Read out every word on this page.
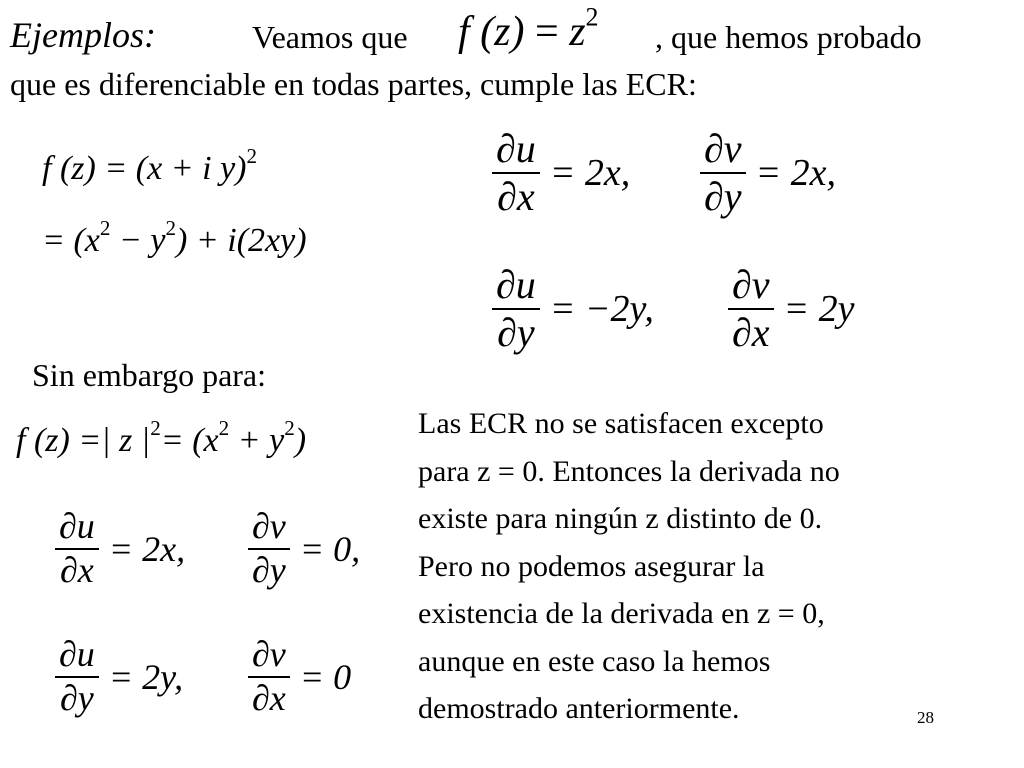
Ejemplos:	Veamos que f $(z) = z^2$
, que hemos probado
que es diferenciable en todas partes, cumple las ECR:
f (z) = (x + i y)$^2$
= $(x^2 - y^2) + i(2xy)$
$\frac{\partial u}{\partial x} = 2x$, $\frac{\partial v}{\partial y} = 2x$,
$\frac{\partial u}{\partial y} = -2y$, $\frac{\partial v}{\partial x} = 2y$
Sin embargo para:
f (z) =| z $|^2= (x^2 + y^2)$
$\frac{\partial u}{\partial x} = 2x$, $\frac{\partial v}{\partial y} = 0$,
$\frac{\partial u}{\partial y} = 2y$, $\frac{\partial v}{\partial x} = 0$
Las ECR no se satisfacen excepto
para z = 0. Entonces la derivada no
existe para ningún z distinto de 0.
Pero no podemos asegurar la
existencia de la derivada en z = 0,
aunque en este caso la hemos
demostrado anteriormente.	28
